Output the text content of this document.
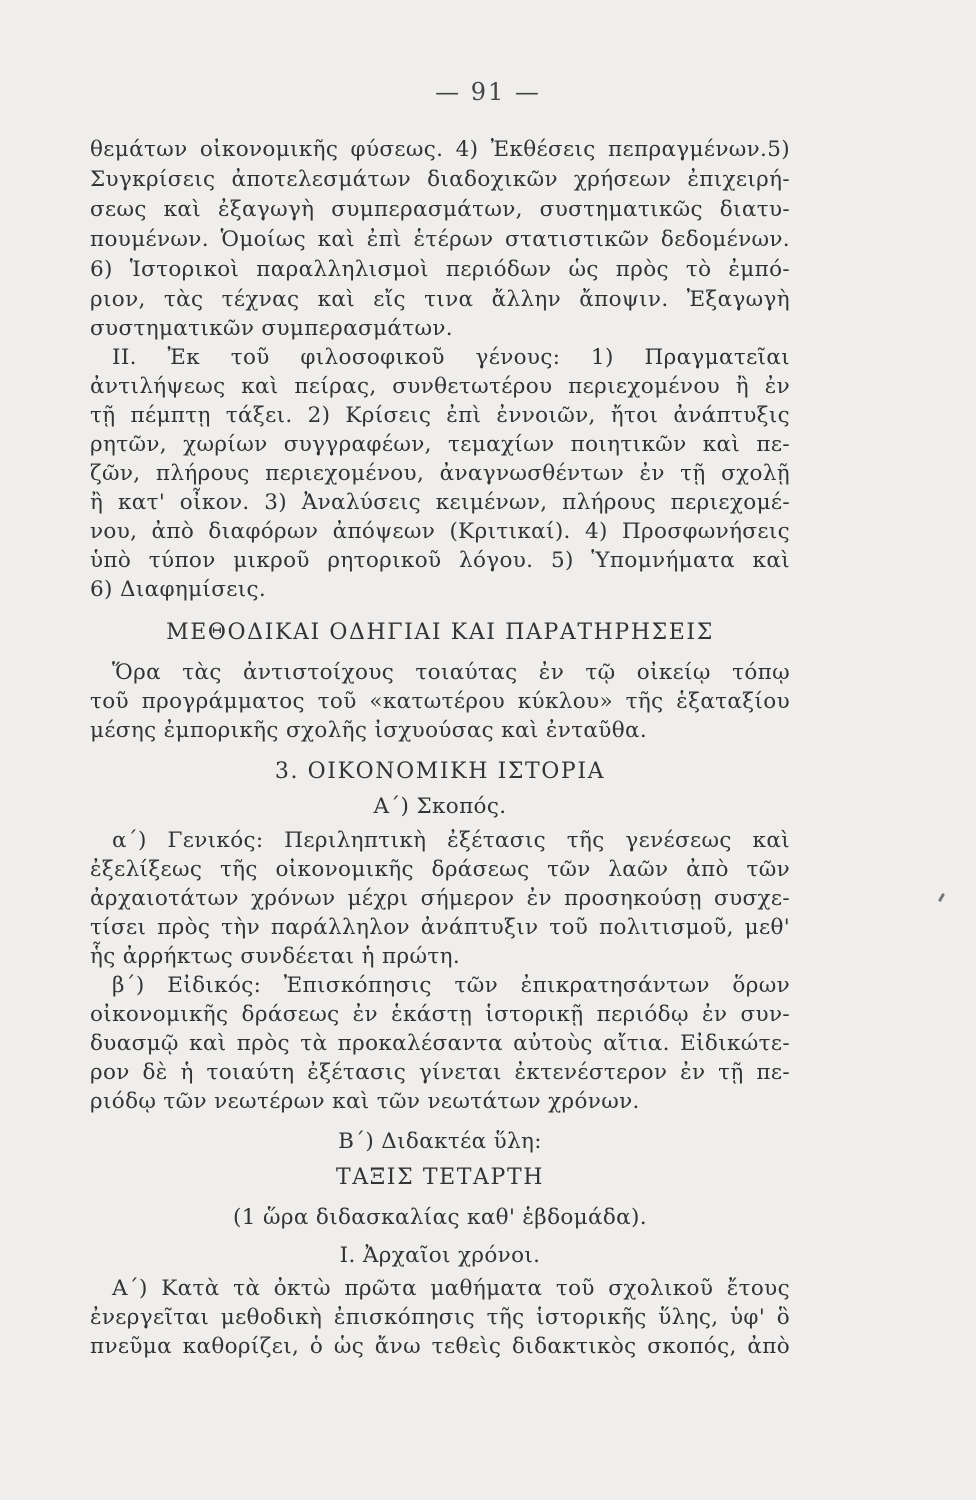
— 91 —
θεμάτων οἰκονομικῆς φύσεως. 4) Ἐκθέσεις πεπραγμένων.5)
Συγκρίσεις ἀποτελεσμάτων διαδοχικῶν χρήσεων ἐπιχειρή-
σεως καὶ ἐξαγωγὴ συμπερασμάτων, συστηματικῶς διατυ-
πουμένων. Ὁμοίως καὶ ἐπὶ ἑτέρων στατιστικῶν δεδομένων.
6) Ἱστορικοὶ παραλληλισμοὶ περιόδων ὡς πρὸς τὸ ἐμπό-
ριον, τὰς τέχνας καὶ εἴς τινα ἄλλην ἄποψιν. Ἐξαγωγὴ
συστηματικῶν συμπερασμάτων.
ΙΙ. Ἐκ τοῦ φιλοσοφικοῦ γένους: 1) Πραγματεῖαι
ἀντιλήψεως καὶ πείρας, συνθετωτέρου περιεχομένου ἢ ἐν
τῇ πέμπτῃ τάξει. 2) Κρίσεις ἐπὶ ἐννοιῶν, ἤτοι ἀνάπτυξις
ρητῶν, χωρίων συγγραφέων, τεμαχίων ποιητικῶν καὶ πε-
ζῶν, πλήρους περιεχομένου, ἀναγνωσθέντων ἐν τῇ σχολῇ
ἢ κατ' οἶκον. 3) Ἀναλύσεις κειμένων, πλήρους περιεχομέ-
νου, ἀπὸ διαφόρων ἀπόψεων (Κριτικαί). 4) Προσφωνήσεις
ὑπὸ τύπον μικροῦ ρητορικοῦ λόγου. 5) Ὑπομνήματα καὶ
6) Διαφημίσεις.
ΜΕΘΟΔΙΚΑΙ ΟΔΗΓΙΑΙ ΚΑΙ ΠΑΡΑΤΗΡΗΣΕΙΣ
Ὅρα τὰς ἀντιστοίχους τοιαύτας ἐν τῷ οἰκείῳ τόπῳ
τοῦ προγράμματος τοῦ «κατωτέρου κύκλου» τῆς ἑξαταξίου
μέσης ἐμπορικῆς σχολῆς ἰσχυούσας καὶ ἐνταῦθα.
3. ΟΙΚΟΝΟΜΙΚΗ ΙΣΤΟΡΙΑ
Α΄) Σκοπός.
α΄) Γενικός: Περιληπτικὴ ἐξέτασις τῆς γενέσεως καὶ
ἐξελίξεως τῆς οἰκονομικῆς δράσεως τῶν λαῶν ἀπὸ τῶν
ἀρχαιοτάτων χρόνων μέχρι σήμερον ἐν προσηκούσῃ συσχε-
τίσει πρὸς τὴν παράλληλον ἀνάπτυξιν τοῦ πολιτισμοῦ, μεθ'
ἧς ἀρρήκτως συνδέεται ἡ πρώτη.
β΄) Εἰδικός: Ἐπισκόπησις τῶν ἐπικρατησάντων ὅρων
οἰκονομικῆς δράσεως ἐν ἑκάστῃ ἱστορικῇ περιόδῳ ἐν συν-
δυασμῷ καὶ πρὸς τὰ προκαλέσαντα αὐτοὺς αἴτια. Εἰδικώτε-
ρον δὲ ἡ τοιαύτη ἐξέτασις γίνεται ἐκτενέστερον ἐν τῇ πε-
ριόδῳ τῶν νεωτέρων καὶ τῶν νεωτάτων χρόνων.
Β΄) Διδακτέα ὕλη:
ΤΑΞΙΣ ΤΕΤΑΡΤΗ
(1 ὥρα διδασκαλίας καθ' ἑβδομάδα).
Ι. Ἀρχαῖοι χρόνοι.
Α΄) Κατὰ τὰ ὀκτὼ πρῶτα μαθήματα τοῦ σχολικοῦ ἔτους
ἐνεργεῖται μεθοδικὴ ἐπισκόπησις τῆς ἱστορικῆς ὕλης, ὑφ' ὃ
πνεῦμα καθορίζει, ὁ ὡς ἄνω τεθεὶς διδακτικὸς σκοπός, ἀπὸ
